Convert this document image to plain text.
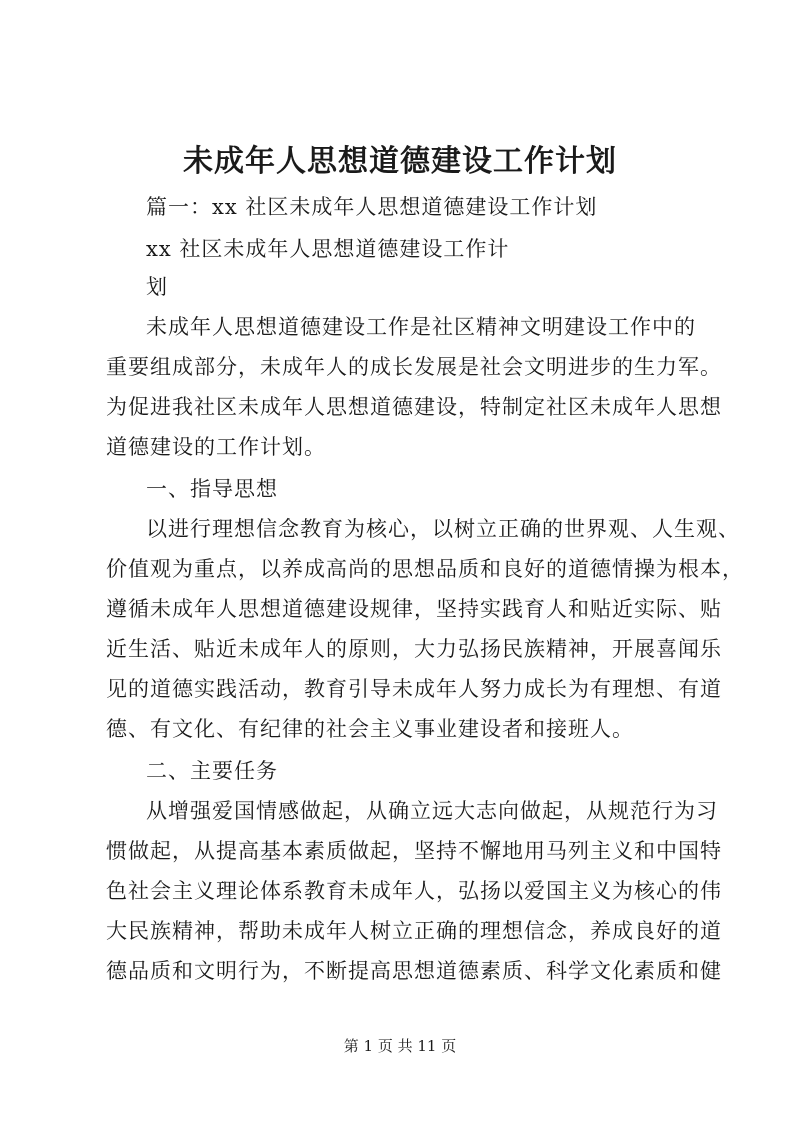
未成年人思想道德建设工作计划
篇一：xx 社区未成年人思想道德建设工作计划
xx 社区未成年人思想道德建设工作计
划
未成年人思想道德建设工作是社区精神文明建设工作中的
重要组成部分，未成年人的成长发展是社会文明进步的生力军。
为促进我社区未成年人思想道德建设，特制定社区未成年人思想
道德建设的工作计划。
一、指导思想
以进行理想信念教育为核心，以树立正确的世界观、人生观、
价值观为重点，以养成高尚的思想品质和良好的道德情操为根本，
遵循未成年人思想道德建设规律，坚持实践育人和贴近实际、贴
近生活、贴近未成年人的原则，大力弘扬民族精神，开展喜闻乐
见的道德实践活动，教育引导未成年人努力成长为有理想、有道
德、有文化、有纪律的社会主义事业建设者和接班人。
二、主要任务
从增强爱国情感做起，从确立远大志向做起，从规范行为习
惯做起，从提高基本素质做起，坚持不懈地用马列主义和中国特
色社会主义理论体系教育未成年人，弘扬以爱国主义为核心的伟
大民族精神，帮助未成年人树立正确的理想信念，养成良好的道
德品质和文明行为，不断提高思想道德素质、科学文化素质和健
第 1 页 共 11 页
